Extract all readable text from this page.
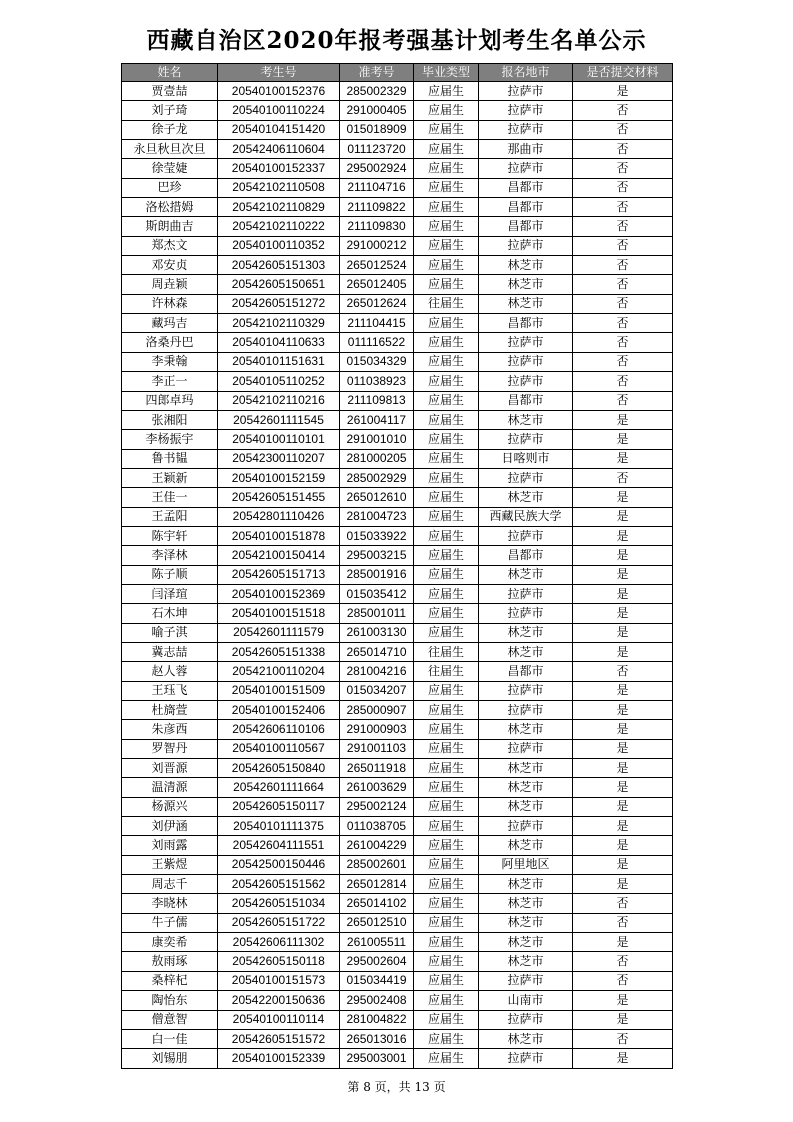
西藏自治区2020年报考强基计划考生名单公示
姓名	考生号	准考号	毕业类型	报名地市	是否提交材料
贾壹喆	20540100152376	285002329	应届生	拉萨市	是
刘子琦	20540100110224	291000405	应届生	拉萨市	否
徐子龙	20540104151420	015018909	应届生	拉萨市	否
永旦秋旦次旦	20542406110604	011123720	应届生	那曲市	否
徐莹婕	20540100152337	295002924	应届生	拉萨市	否
巴珍	20542102110508	211104716	应届生	昌都市	否
洛松措姆	20542102110829	211109822	应届生	昌都市	否
斯朗曲吉	20542102110222	211109830	应届生	昌都市	否
郑杰文	20540100110352	291000212	应届生	拉萨市	否
邓安贞	20542605151303	265012524	应届生	林芝市	否
周垚颖	20542605150651	265012405	应届生	林芝市	否
许林森	20542605151272	265012624	往届生	林芝市	否
藏玛吉	20542102110329	211104415	应届生	昌都市	否
洛桑丹巴	20540104110633	011116522	应届生	拉萨市	否
李秉翰	20540101151631	015034329	应届生	拉萨市	否
李正一	20540105110252	011038923	应届生	拉萨市	否
四郎卓玛	20542102110216	211109813	应届生	昌都市	否
张湘阳	20542601111545	261004117	应届生	林芝市	是
李杨振宇	20540100110101	291001010	应届生	拉萨市	是
鲁书韫	20542300110207	281000205	应届生	日喀则市	是
王颖新	20540100152159	285002929	应届生	拉萨市	否
王佳一	20542605151455	265012610	应届生	林芝市	是
王孟阳	20542801110426	281004723	应届生	西藏民族大学	是
陈宇轩	20540100151878	015033922	应届生	拉萨市	是
李泽林	20542100150414	295003215	应届生	昌都市	是
陈子顺	20542605151713	285001916	应届生	林芝市	是
闫泽瑄	20540100152369	015035412	应届生	拉萨市	是
石木坤	20540100151518	285001011	应届生	拉萨市	是
喻子淇	20542601111579	261003130	应届生	林芝市	是
冀志喆	20542605151338	265014710	往届生	林芝市	是
赵人蓉	20542100110204	281004216	往届生	昌都市	否
王珏飞	20540100151509	015034207	应届生	拉萨市	是
杜旖萱	20540100152406	285000907	应届生	拉萨市	是
朱彦西	20542606110106	291000903	应届生	林芝市	是
罗智丹	20540100110567	291001103	应届生	拉萨市	是
刘晋源	20542605150840	265011918	应届生	林芝市	是
温清源	20542601111664	261003629	应届生	林芝市	是
杨源兴	20542605150117	295002124	应届生	林芝市	是
刘伊涵	20540101111375	011038705	应届生	拉萨市	是
刘雨露	20542604111551	261004229	应届生	林芝市	是
王紫煜	20542500150446	285002601	应届生	阿里地区	是
周志千	20542605151562	265012814	应届生	林芝市	是
李晓林	20542605151034	265014102	应届生	林芝市	否
牛子儒	20542605151722	265012510	应届生	林芝市	否
康奕希	20542606111302	261005511	应届生	林芝市	是
敖雨琢	20542605150118	295002604	应届生	林芝市	否
桑梓杞	20540100151573	015034419	应届生	拉萨市	否
陶怡东	20542200150636	295002408	应届生	山南市	是
僧意智	20540100110114	281004822	应届生	拉萨市	是
白一佳	20542605151572	265013016	应届生	林芝市	否
刘锡朋	20540100152339	295003001	应届生	拉萨市	是
第 8 页，共 13 页
